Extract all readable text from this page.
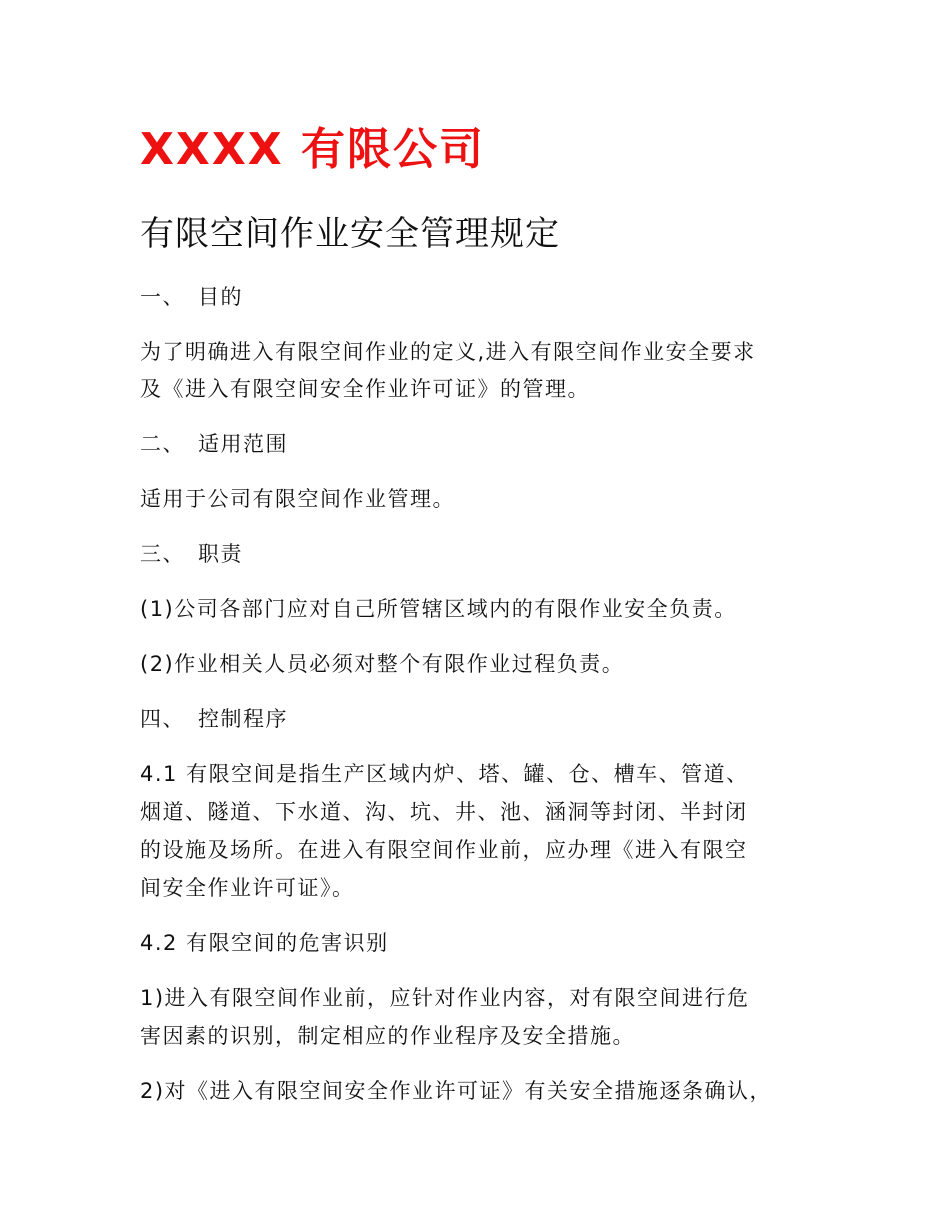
XXXX 有限公司
有限空间作业安全管理规定
一、 目的
为了明确进入有限空间作业的定义,进入有限空间作业安全要求
及《进入有限空间安全作业许可证》的管理。
二、 适用范围
适用于公司有限空间作业管理。
三、 职责
(1)公司各部门应对自己所管辖区域内的有限作业安全负责。
(2)作业相关人员必须对整个有限作业过程负责。
四、 控制程序
4.1 有限空间是指生产区域内炉、塔、罐、仓、槽车、管道、
烟道、隧道、下水道、沟、坑、井、池、涵洞等封闭、半封闭
的设施及场所。在进入有限空间作业前，应办理《进入有限空
间安全作业许可证》。
4.2 有限空间的危害识别
1)进入有限空间作业前，应针对作业内容，对有限空间进行危
害因素的识别，制定相应的作业程序及安全措施。
2)对《进入有限空间安全作业许可证》有关安全措施逐条确认，
